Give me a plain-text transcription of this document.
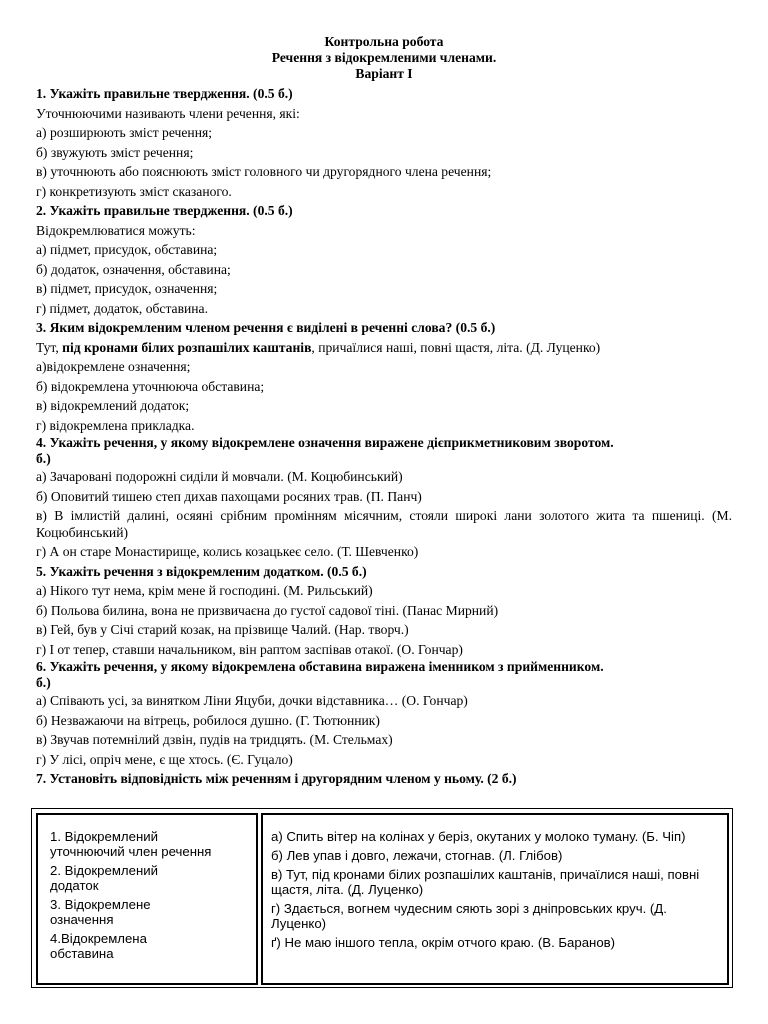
Контрольна робота
Речення з відокремленими членами.
Варіант І
1. Укажіть правильне твердження. (0.5 б.)
Уточнюючими називають члени речення, які:
а) розширюють зміст речення;
б) звужують зміст речення;
в) уточнюють або пояснюють зміст головного чи другорядного члена речення;
г) конкретизують зміст сказаного.
2. Укажіть правильне твердження. (0.5 б.)
Відокремлюватися можуть:
а) підмет, присудок, обставина;
б) додаток, означення, обставина;
в) підмет, присудок, означення;
г) підмет, додаток, обставина.
3. Яким відокремленим членом речення є виділені в реченні слова? (0.5 б.)
Тут, під кронами білих розпашілих каштанів, причаїлися наші, повні щастя, літа. (Д. Луценко)
а)відокремлене означення;
б) відокремлена уточнююча обставина;
в) відокремлений додаток;
г) відокремлена прикладка.
4. Укажіть речення, у якому відокремлене означення виражене дієприкметниковим зворотом.
б.)
а) Зачаровані подорожні сиділи й мовчали. (М. Коцюбинський)
б) Оповитий тишею степ дихав пахощами росяних трав. (П. Панч)
в) В імлистій далині, осяяні срібним промінням місячним, стояли широкі лани золотого жита та пшениці. (М. Коцюбинський)
г) А он старе Монастирище, колись козацькеє село. (Т. Шевченко)
5. Укажіть речення з відокремленим додатком. (0.5 б.)
а) Нікого тут нема, крім мене й господині. (М. Рильський)
б) Польова билина, вона не призвичаєна до густої садової тіні. (Панас Мирний)
в) Гей, був у Січі старий козак, на прізвище Чалий. (Нар. творч.)
г) І от тепер, ставши начальником, він раптом заспівав отакої. (О. Гончар)
6. Укажіть речення, у якому відокремлена обставина виражена іменником з прийменником.
б.)
а) Співають усі, за винятком Ліни Яцуби, дочки відставника… (О. Гончар)
б) Незважаючи на вітрець, робилося душно. (Г. Тютюнник)
в) Звучав потемнілий дзвін, пудів на тридцять. (М. Стельмах)
г) У лісі, опріч мене, є ще хтось. (Є. Гуцало)
7. Установіть відповідність між реченням і другорядним членом у ньому. (2 б.)
1. Відокремлений уточнюючий член речення
2. Відокремлений додаток
3. Відокремлене означення
4.Відокремлена обставина
а) Спить вітер на колінах у беріз, окутаних у молоко туману. (Б. Чіп)
б) Лев упав і довго, лежачи, стогнав. (Л. Глібов)
в) Тут, під кронами білих розпашілих каштанів, причаїлися наші, повні щастя, літа. (Д. Луценко)
г) Здається, вогнем чудесним сяють зорі з дніпровських круч. (Д. Луценко)
ґ) Не маю іншого тепла, окрім отчого краю. (В. Баранов)
